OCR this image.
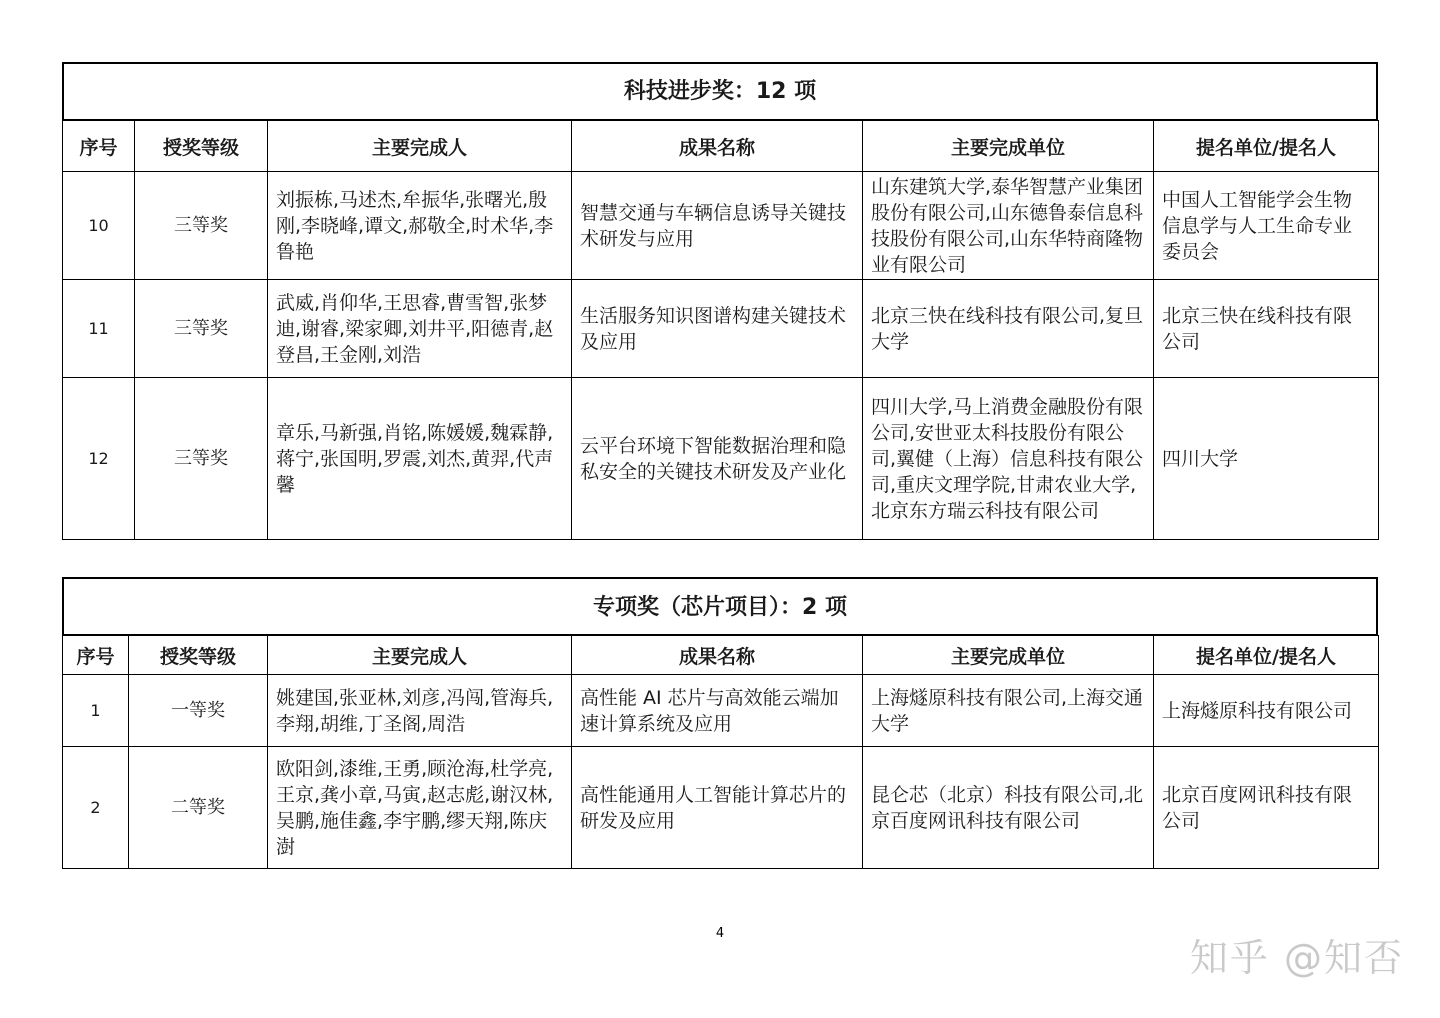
科技进步奖：12 项
序号	授奖等级	主要完成人	成果名称	主要完成单位	提名单位/提名人
10	三等奖	刘振栋,马述杰,牟振华,张曙光,殷刚,李晓峰,谭文,郝敬全,时术华,李鲁艳	智慧交通与车辆信息诱导关键技术研发与应用	山东建筑大学,泰华智慧产业集团股份有限公司,山东德鲁泰信息科技股份有限公司,山东华特商隆物业有限公司	中国人工智能学会生物信息学与人工生命专业委员会
11	三等奖	武威,肖仰华,王思睿,曹雪智,张梦迪,谢睿,梁家卿,刘井平,阳德青,赵登昌,王金刚,刘浩	生活服务知识图谱构建关键技术及应用	北京三快在线科技有限公司,复旦大学	北京三快在线科技有限公司
12	三等奖	章乐,马新强,肖铭,陈媛媛,魏霖静,蒋宁,张国明,罗震,刘杰,黄羿,代声馨	云平台环境下智能数据治理和隐私安全的关键技术研发及产业化	四川大学,马上消费金融股份有限公司,安世亚太科技股份有限公司,翼健（上海）信息科技有限公司,重庆文理学院,甘肃农业大学,北京东方瑞云科技有限公司	四川大学
专项奖（芯片项目）：2 项
序号	授奖等级	主要完成人	成果名称	主要完成单位	提名单位/提名人
1	一等奖	姚建国,张亚林,刘彦,冯闯,管海兵,李翔,胡维,丁圣阁,周浩	高性能 AI 芯片与高效能云端加速计算系统及应用	上海燧原科技有限公司,上海交通大学	上海燧原科技有限公司
2	二等奖	欧阳剑,漆维,王勇,顾沧海,杜学亮,王京,龚小章,马寅,赵志彪,谢汉林,吴鹏,施佳鑫,李宇鹏,缪天翔,陈庆澍	高性能通用人工智能计算芯片的研发及应用	昆仑芯（北京）科技有限公司,北京百度网讯科技有限公司	北京百度网讯科技有限公司
4
知乎 @知否
